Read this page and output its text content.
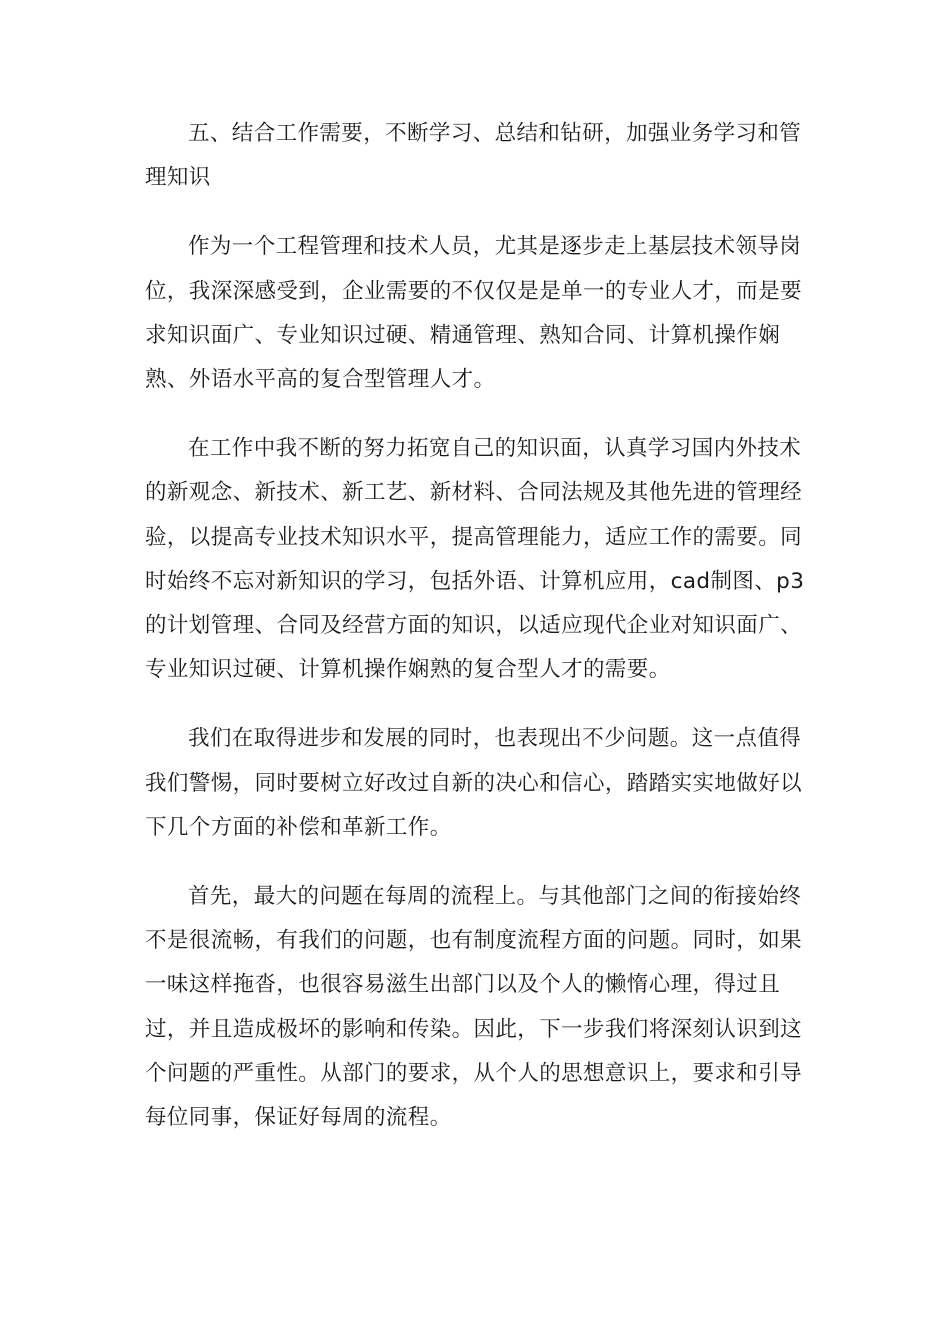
五、结合工作需要，不断学习、总结和钻研，加强业务学习和管理知识

作为一个工程管理和技术人员，尤其是逐步走上基层技术领导岗位，我深深感受到，企业需要的不仅仅是是单一的专业人才，而是要求知识面广、专业知识过硬、精通管理、熟知合同、计算机操作娴熟、外语水平高的复合型管理人才。

在工作中我不断的努力拓宽自己的知识面，认真学习国内外技术的新观念、新技术、新工艺、新材料、合同法规及其他先进的管理经验，以提高专业技术知识水平，提高管理能力，适应工作的需要。同时始终不忘对新知识的学习，包括外语、计算机应用，cad制图、p3 的计划管理、合同及经营方面的知识，以适应现代企业对知识面广、专业知识过硬、计算机操作娴熟的复合型人才的需要。

我们在取得进步和发展的同时，也表现出不少问题。这一点值得我们警惕，同时要树立好改过自新的决心和信心，踏踏实实地做好以下几个方面的补偿和革新工作。

首先，最大的问题在每周的流程上。与其他部门之间的衔接始终不是很流畅，有我们的问题，也有制度流程方面的问题。同时，如果一味这样拖沓，也很容易滋生出部门以及个人的懒惰心理，得过且过，并且造成极坏的影响和传染。因此，下一步我们将深刻认识到这个问题的严重性。从部门的要求，从个人的思想意识上，要求和引导每位同事，保证好每周的流程。
